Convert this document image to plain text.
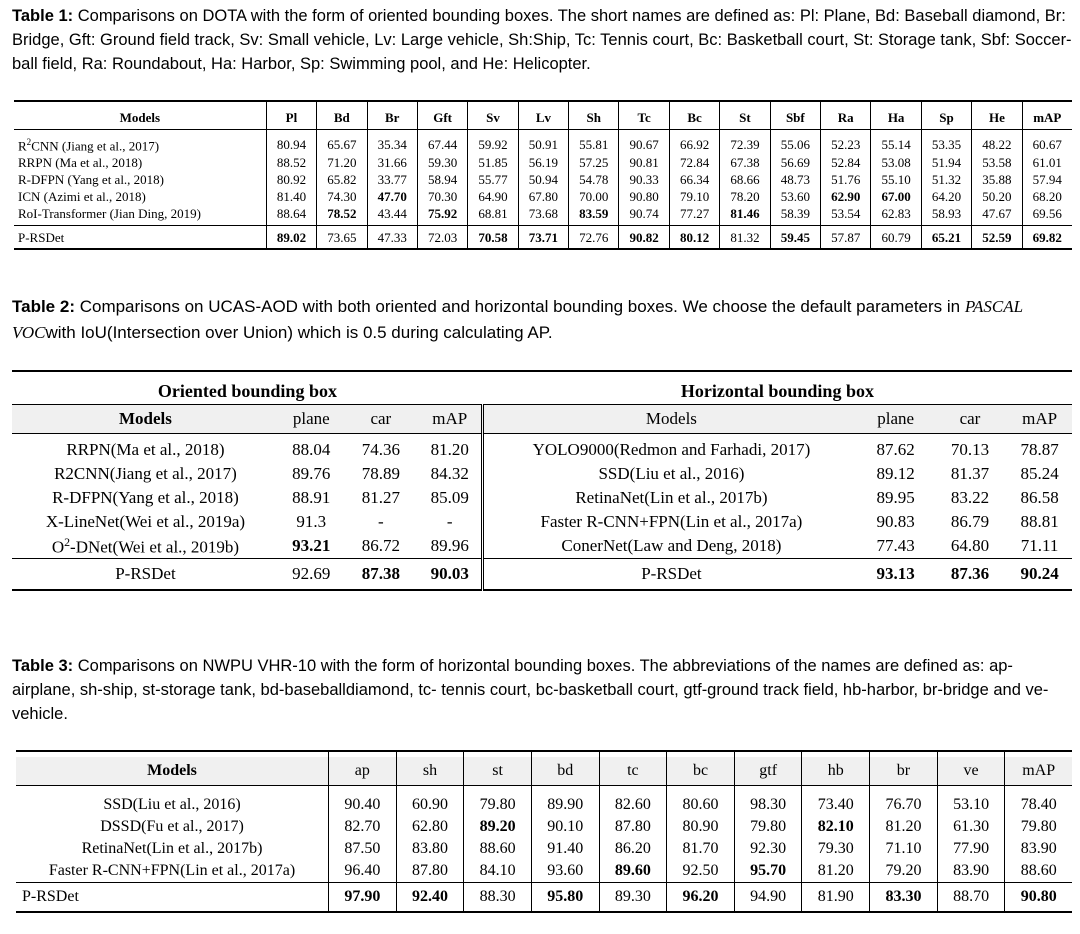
Table 1: Comparisons on DOTA with the form of oriented bounding boxes. The short names are defined as: Pl: Plane, Bd: Baseball diamond, Br: Bridge, Gft: Ground field track, Sv: Small vehicle, Lv: Large vehicle, Sh:Ship, Tc: Tennis court, Bc: Basketball court, St: Storage tank, Sbf: Soccer-ball field, Ra: Roundabout, Ha: Harbor, Sp: Swimming pool, and He: Helicopter.

Models	Pl	Bd	Br	Gft	Sv	Lv	Sh	Tc	Bc	St	Sbf	Ra	Ha	Sp	He	mAP

$R^2CNN$ (Jiang et al., 2017)	80.94	65.67	35.34	67.44	59.92	50.91	55.81	90.67	66.92	72.39	55.06	52.23	55.14	53.35	48.22	60.67
RRPN (Ma et al., 2018)	88.52	71.20	31.66	59.30	51.85	56.19	57.25	90.81	72.84	67.38	56.69	52.84	53.08	51.94	53.58	61.01
R-DFPN (Yang et al., 2018)	80.92	65.82	33.77	58.94	55.77	50.94	54.78	90.33	66.34	68.66	48.73	51.76	55.10	51.32	35.88	57.94
ICN (Azimi et al., 2018)	81.40	74.30	47.70	70.30	64.90	67.80	70.00	90.80	79.10	78.20	53.60	62.90	67.00	64.20	50.20	68.20
RoI-Transformer (Jian Ding, 2019)	88.64	78.52	43.44	75.92	68.81	73.68	83.59	90.74	77.27	81.46	58.39	53.54	62.83	58.93	47.67	69.56

P-RSDet	89.02	73.65	47.33	72.03	70.58	73.71	72.76	90.82	80.12	81.32	59.45	57.87	60.79	65.21	52.59	69.82
Table 2: Comparisons on UCAS-AOD with both oriented and horizontal bounding boxes. We choose the default parameters in PASCAL VOCwith IoU(Intersection over Union) which is 0.5 during calculating AP.

Oriented bounding box				Horizontal bounding box			
Models	plane	car	mAP	Models	plane	car	mAP
RRPN(Ma et al., 2018)	88.04	74.36	81.20	YOLO9000(Redmon and Farhadi, 2017)	87.62	70.13	78.87
R2CNN(Jiang et al., 2017)	89.76	78.89	84.32	SSD(Liu et al., 2016)	89.12	81.37	85.24
R-DFPN(Yang et al., 2018)	88.91	81.27	85.09	RetinaNet(Lin et al., 2017b)	89.95	83.22	86.58
X-LineNet(Wei et al., 2019a)	91.3	-	-	Faster R-CNN+FPN(Lin et al., 2017a)	90.83	86.79	88.81
$O^2-DNet(Wei$ et al., 2019b)	93.21	86.72	89.96	ConerNet(Law and Deng, 2018)	77.43	64.80	71.11
P-RSDet	92.69	87.38	90.03	P-RSDet	93.13	87.36	90.24
Table 3: Comparisons on NWPU VHR-10 with the form of horizontal bounding boxes. The abbreviations of the names are defined as: ap-airplane, sh-ship, st-storage tank, bd-baseballdiamond, tc- tennis court, bc-basketball court, gtf-ground track field, hb-harbor, br-bridge and ve-vehicle.

Models	ap	sh	st	bd	tc	bc	gtf	hb	br	ve	mAP
SSD(Liu et al., 2016)	90.40	60.90	79.80	89.90	82.60	80.60	98.30	73.40	76.70	53.10	78.40
DSSD(Fu et al., 2017)	82.70	62.80	89.20	90.10	87.80	80.90	79.80	82.10	81.20	61.30	79.80
RetinaNet(Lin et al., 2017b)	87.50	83.80	88.60	91.40	86.20	81.70	92.30	79.30	71.10	77.90	83.90
Faster R-CNN+FPN(Lin et al., 2017a)	96.40	87.80	84.10	93.60	89.60	92.50	95.70	81.20	79.20	83.90	88.60
P-RSDet	97.90	92.40	88.30	95.80	89.30	96.20	94.90	81.90	83.30	88.70	90.80
